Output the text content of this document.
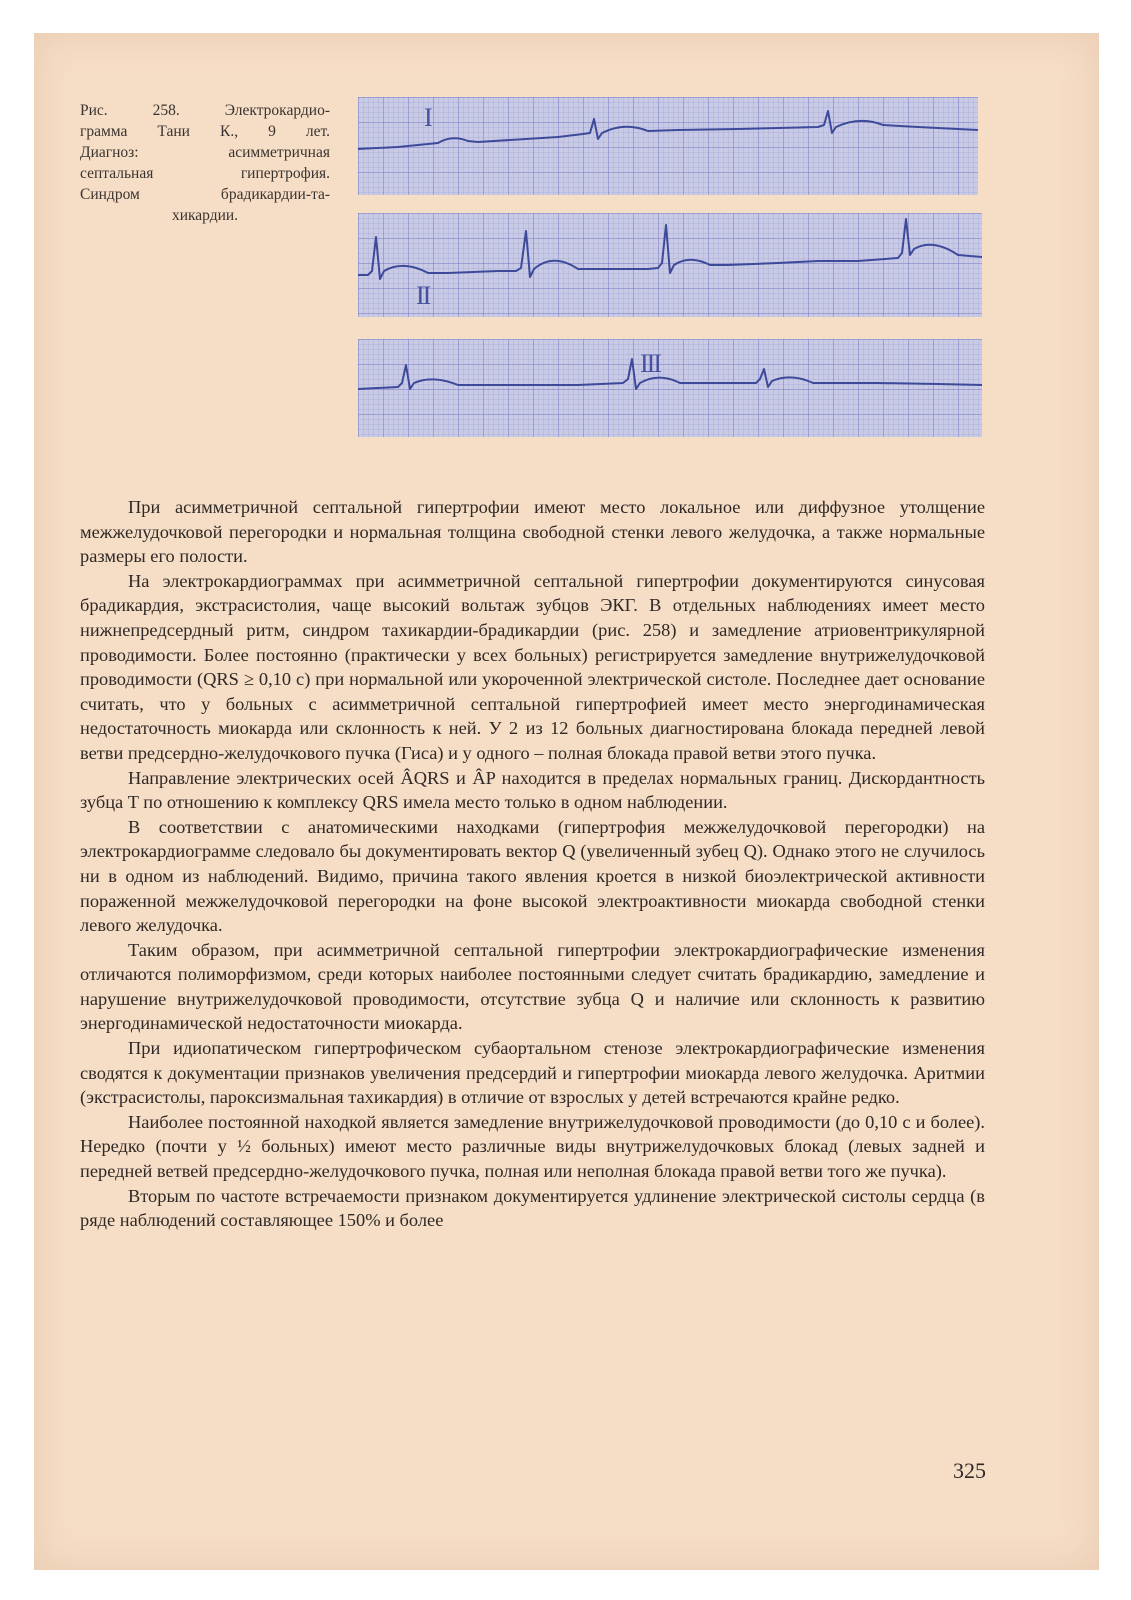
Рис. 258. Электрокардио-
грамма Тани К., 9 лет.
Диагноз: асимметричная
септальная гипертрофия.
Синдром брадикардии-та-
хикардии.
I
II
III

При асимметричной септальной гипертрофии имеют место локальное или диффузное утолщение межжелудочковой перегородки и нормальная толщина свободной стенки левого желудочка, а также нормальные размеры его полости.

На электрокардиограммах при асимметричной септальной гипертрофии документируются синусовая брадикардия, экстрасистолия, чаще высокий вольтаж зубцов ЭКГ. В отдельных наблюдениях имеет место нижнепредсердный ритм, синдром тахикардии-брадикардии (рис. 258) и замедление атриовентрикулярной проводимости. Более постоянно (практически у всех больных) регистрируется замедление внутрижелудочковой проводимости (QRS ≥ 0,10 с) при нормальной или укороченной электрической систоле. Последнее дает основание считать, что у больных с асимметричной септальной гипертрофией имеет место энергодинамическая недостаточность миокарда или склонность к ней. У 2 из 12 больных диагностирована блокада передней левой ветви предсердно-желудочкового пучка (Гиса) и у одного – полная блокада правой ветви этого пучка.

Направление электрических осей ÂQRS и ÂP находится в пределах нормальных границ. Дискордантность зубца T по отношению к комплексу QRS имела место только в одном наблюдении.

В соответствии с анатомическими находками (гипертрофия межжелудочковой перегородки) на электрокардиограмме следовало бы документировать вектор Q (увеличенный зубец Q). Однако этого не случилось ни в одном из наблюдений. Видимо, причина такого явления кроется в низкой биоэлектрической активности пораженной межжелудочковой перегородки на фоне высокой электроактивности миокарда свободной стенки левого желудочка.

Таким образом, при асимметричной септальной гипертрофии электрокардиографические изменения отличаются полиморфизмом, среди которых наиболее постоянными следует считать брадикардию, замедление и нарушение внутрижелудочковой проводимости, отсутствие зубца Q и наличие или склонность к развитию энергодинамической недостаточности миокарда.

При идиопатическом гипертрофическом субаортальном стенозе электрокардиографические изменения сводятся к документации признаков увеличения предсердий и гипертрофии миокарда левого желудочка. Аритмии (экстрасистолы, пароксизмальная тахикардия) в отличие от взрослых у детей встречаются крайне редко.

Наиболее постоянной находкой является замедление внутрижелудочковой проводимости (до 0,10 с и более). Нередко (почти у ½ больных) имеют место различные виды внутрижелудочковых блокад (левых задней и передней ветвей предсердно-желудочкового пучка, полная или неполная блокада правой ветви того же пучка).

Вторым по частоте встречаемости признаком документируется удлинение электрической систолы сердца (в ряде наблюдений составляющее 150% и более

325
